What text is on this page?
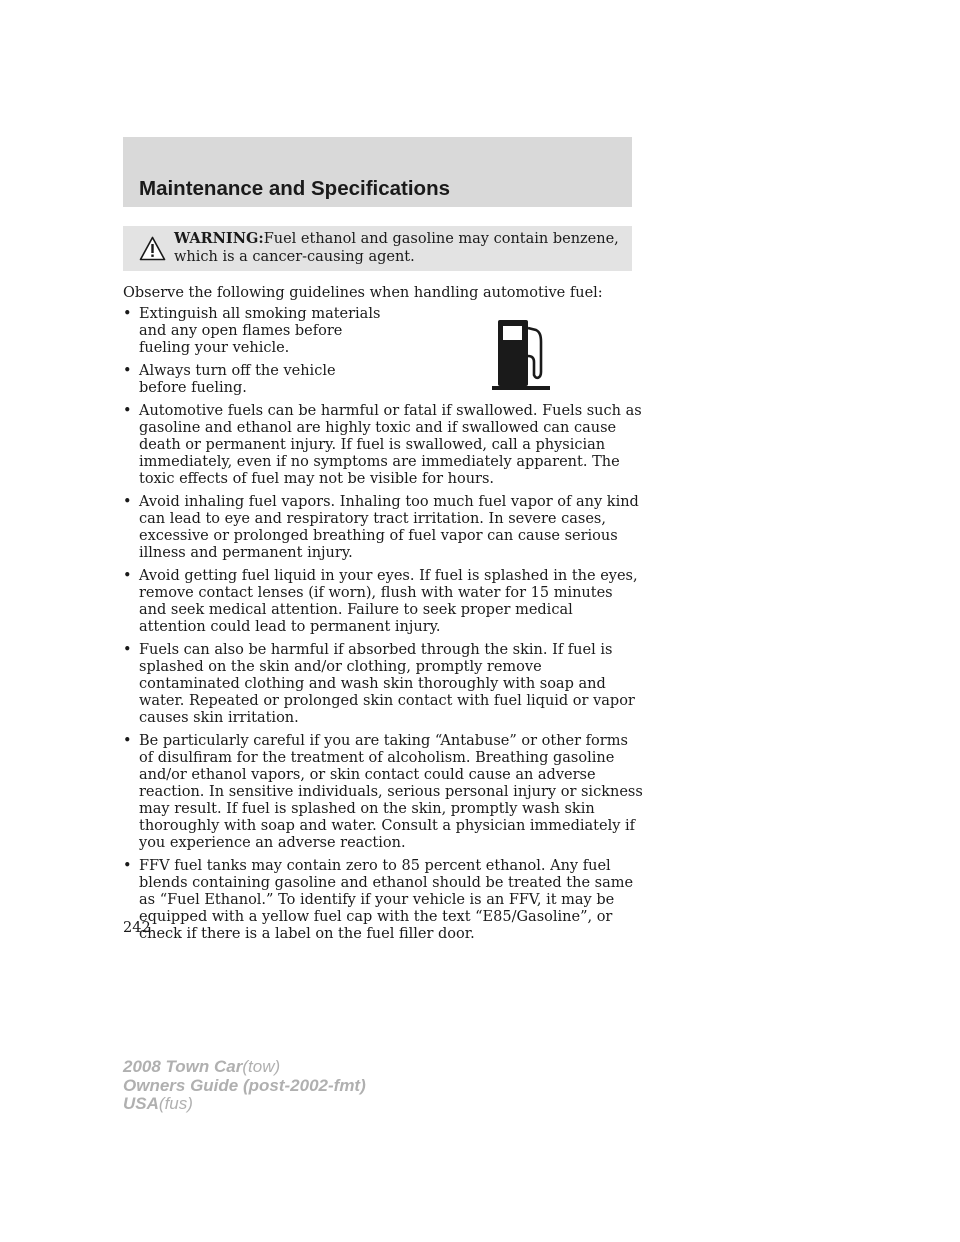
Maintenance and Specifications
WARNING:Fuel ethanol and gasoline may contain benzene, which is a cancer-causing agent.
Observe the following guidelines when handling automotive fuel:
• Extinguish all smoking materials and any open flames before fueling your vehicle.
• Always turn off the vehicle before fueling.
• Automotive fuels can be harmful or fatal if swallowed. Fuels such as gasoline and ethanol are highly toxic and if swallowed can cause death or permanent injury. If fuel is swallowed, call a physician immediately, even if no symptoms are immediately apparent. The toxic effects of fuel may not be visible for hours.
• Avoid inhaling fuel vapors. Inhaling too much fuel vapor of any kind can lead to eye and respiratory tract irritation. In severe cases, excessive or prolonged breathing of fuel vapor can cause serious illness and permanent injury.
• Avoid getting fuel liquid in your eyes. If fuel is splashed in the eyes, remove contact lenses (if worn), flush with water for 15 minutes and seek medical attention. Failure to seek proper medical attention could lead to permanent injury.
• Fuels can also be harmful if absorbed through the skin. If fuel is splashed on the skin and/or clothing, promptly remove contaminated clothing and wash skin thoroughly with soap and water. Repeated or prolonged skin contact with fuel liquid or vapor causes skin irritation.
• Be particularly careful if you are taking “Antabuse” or other forms of disulfiram for the treatment of alcoholism. Breathing gasoline and/or ethanol vapors, or skin contact could cause an adverse reaction. In sensitive individuals, serious personal injury or sickness may result. If fuel is splashed on the skin, promptly wash skin thoroughly with soap and water. Consult a physician immediately if you experience an adverse reaction.
• FFV fuel tanks may contain zero to 85 percent ethanol. Any fuel blends containing gasoline and ethanol should be treated the same as “Fuel Ethanol.” To identify if your vehicle is an FFV, it may be equipped with a yellow fuel cap with the text “E85/Gasoline”, or check if there is a label on the fuel filler door.
242
2008 Town Car(tow)
Owners Guide (post-2002-fmt)
USA(fus)
